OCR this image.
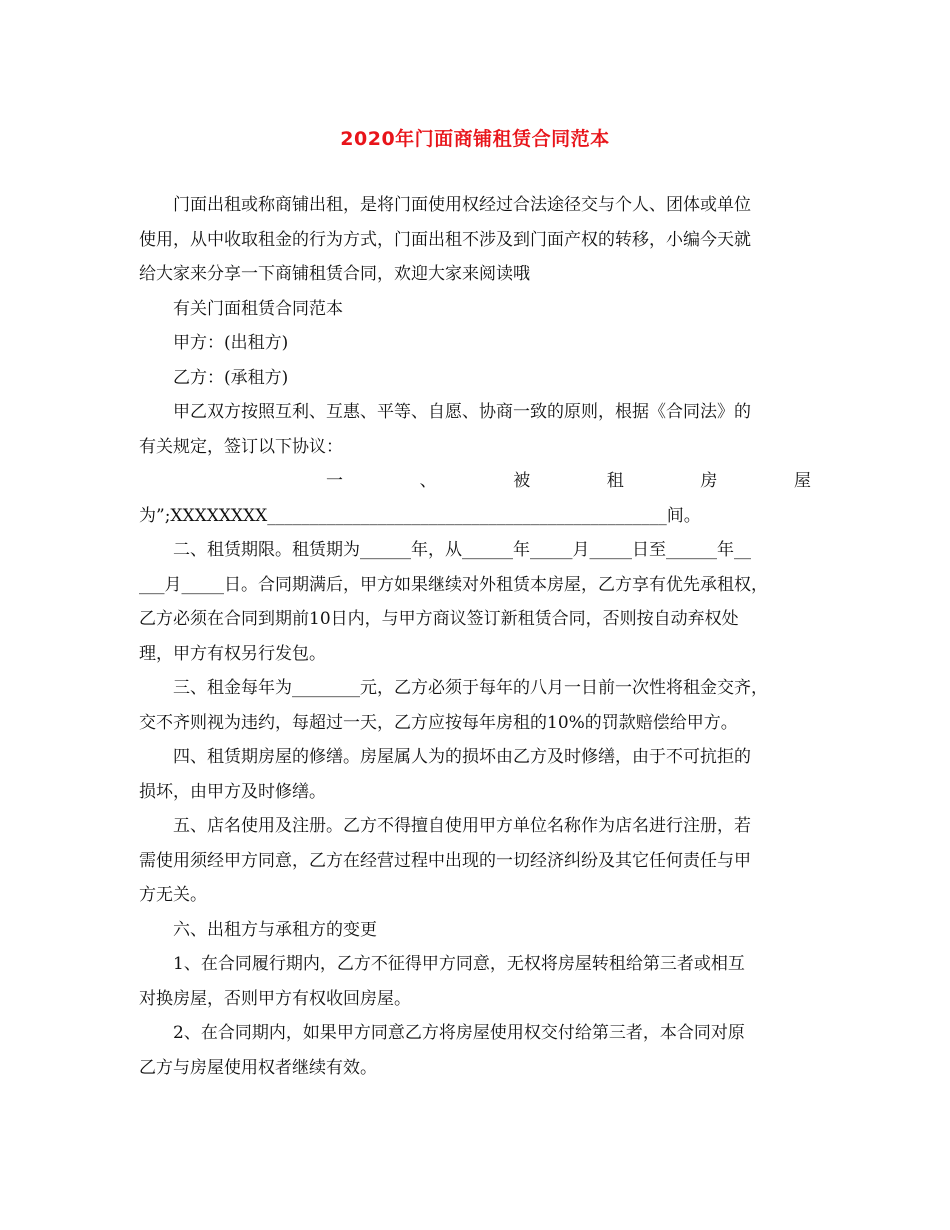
2020年门面商铺租赁合同范本
门面出租或称商铺出租，是将门面使用权经过合法途径交与个人、团体或单位
使用，从中收取租金的行为方式，门面出租不涉及到门面产权的转移，小编今天就
给大家来分享一下商铺租赁合同，欢迎大家来阅读哦
有关门面租赁合同范本
甲方：(出租方)
乙方：(承租方)
甲乙双方按照互利、互惠、平等、自愿、协商一致的原则，根据《合同法》的
有关规定，签订以下协议：
一	、	被	租	房	屋
为”;XXXXXXXX_______________________________________________间。
二、租赁期限。租赁期为______年，从______年_____月_____日至______年__
___月_____日。合同期满后，甲方如果继续对外租赁本房屋，乙方享有优先承租权，
乙方必须在合同到期前10日内，与甲方商议签订新租赁合同，否则按自动弃权处
理，甲方有权另行发包。
三、租金每年为________元，乙方必须于每年的八月一日前一次性将租金交齐，
交不齐则视为违约，每超过一天，乙方应按每年房租的10%的罚款赔偿给甲方。
四、租赁期房屋的修缮。房屋属人为的损坏由乙方及时修缮，由于不可抗拒的
损坏，由甲方及时修缮。
五、店名使用及注册。乙方不得擅自使用甲方单位名称作为店名进行注册，若
需使用须经甲方同意，乙方在经营过程中出现的一切经济纠纷及其它任何责任与甲
方无关。
六、出租方与承租方的变更
1、在合同履行期内，乙方不征得甲方同意，无权将房屋转租给第三者或相互
对换房屋，否则甲方有权收回房屋。
2、在合同期内，如果甲方同意乙方将房屋使用权交付给第三者，本合同对原
乙方与房屋使用权者继续有效。
